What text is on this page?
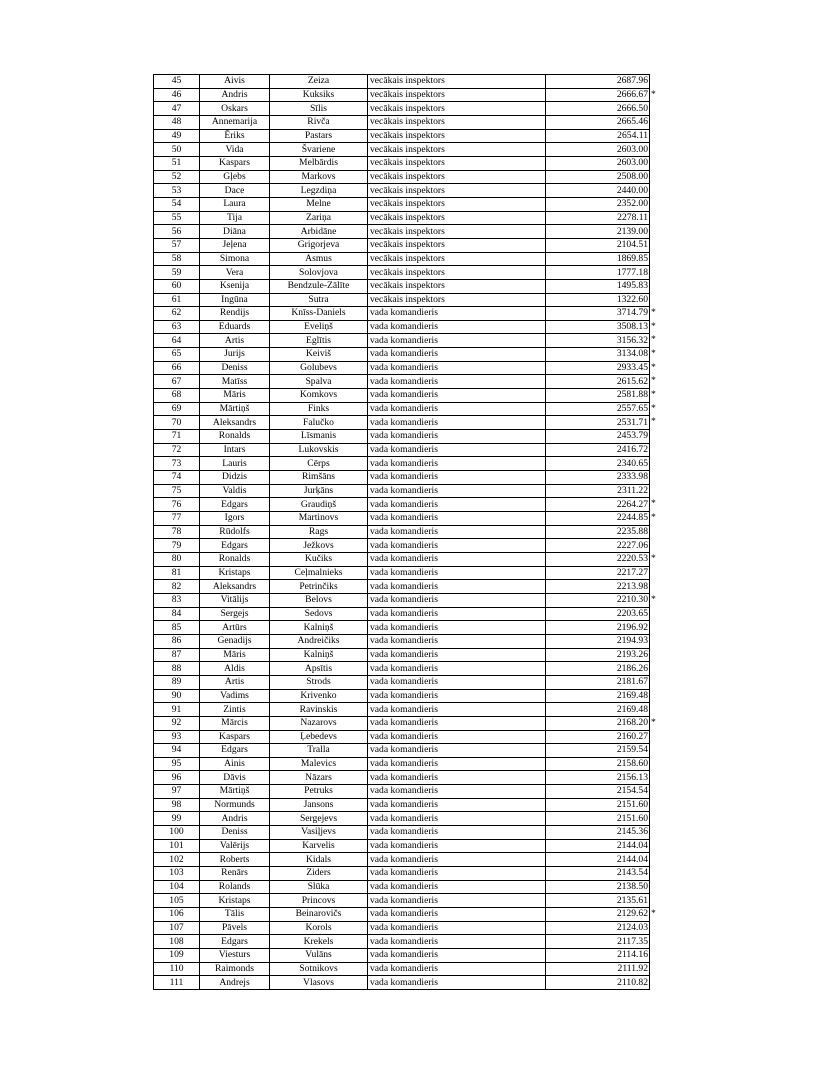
45	Aivis	Zeiza	vecākais inspektors	2687.96

46	Andris	Kuksiks	vecākais inspektors	2666.67 *

47	Oskars	Sīlis	vecākais inspektors	2666.50

48	Annemarija	Rivča	vecākais inspektors	2665.46

49	Ēriks	Pastars	vecākais inspektors	2654.11

50	Vida	Švariene	vecākais inspektors	2603.00

51	Kaspars	Melbārdis	vecākais inspektors	2603.00

52	Gļebs	Markovs	vecākais inspektors	2508.00

53	Dace	Legzdiņa	vecākais inspektors	2440.00

54	Laura	Melne	vecākais inspektors	2352.00

55	Tija	Zariņa	vecākais inspektors	2278.11

56	Diāna	Arbidāne	vecākais inspektors	2139.00

57	Jeļena	Grigorjeva	vecākais inspektors	2104.51

58	Simona	Asmus	vecākais inspektors	1869.85

59	Vera	Solovjova	vecākais inspektors	1777.18

60	Ksenija	Bendzule-Zālīte	vecākais inspektors	1495.83

61	Ingūna	Sutra	vecākais inspektors	1322.60

62	Rendijs	Knīss-Daniels	vada komandieris	3714.79 *

63	Eduards	Eveliņš	vada komandieris	3508.13 *

64	Artis	Eglītis	vada komandieris	3156.32 *

65	Jurijs	Keiviš	vada komandieris	3134.08 *

66	Deniss	Golubevs	vada komandieris	2933.45 *

67	Matīss	Spalva	vada komandieris	2615.62 *

68	Māris	Komkovs	vada komandieris	2581.88 *

69	Mārtiņš	Finks	vada komandieris	2557.65 *

70	Aleksandrs	Falučko	vada komandieris	2531.71 *

71	Ronalds	Līsmanis	vada komandieris	2453.79

72	Intars	Lukovskis	vada komandieris	2416.72

73	Lauris	Cērps	vada komandieris	2340.65

74	Didzis	Rimšāns	vada komandieris	2333.98

75	Valdis	Jurķāns	vada komandieris	2311.22

76	Edgars	Graudiņš	vada komandieris	2264.27 *

77	Igors	Martinovs	vada komandieris	2244.85 *

78	Rūdolfs	Rags	vada komandieris	2235.88

79	Edgars	Ježkovs	vada komandieris	2227.06

80	Ronalds	Kučiks	vada komandieris	2220.53 *

81	Kristaps	Ceļmalnieks	vada komandieris	2217.27

82	Aleksandrs	Petrinčiks	vada komandieris	2213.98

83	Vitālijs	Belovs	vada komandieris	2210.30 *

84	Sergejs	Sedovs	vada komandieris	2203.65

85	Artūrs	Kalniņš	vada komandieris	2196.92

86	Genadijs	Andreičiks	vada komandieris	2194.93

87	Māris	Kalniņš	vada komandieris	2193.26

88	Aldis	Apsītis	vada komandieris	2186.26

89	Artis	Strods	vada komandieris	2181.67

90	Vadims	Krivenko	vada komandieris	2169.48

91	Zintis	Ravinskis	vada komandieris	2169.48

92	Mārcis	Nazarovs	vada komandieris	2168.20 *

93	Kaspars	Ļebedevs	vada komandieris	2160.27

94	Edgars	Tralla	vada komandieris	2159.54

95	Ainis	Malevics	vada komandieris	2158.60

96	Dāvis	Nāzars	vada komandieris	2156.13

97	Mārtiņš	Petruks	vada komandieris	2154.54

98	Normunds	Jansons	vada komandieris	2151.60

99	Andris	Sergejevs	vada komandieris	2151.60

100	Deniss	Vasiļjevs	vada komandieris	2145.36

101	Valērijs	Karvelis	vada komandieris	2144.04

102	Roberts	Kidals	vada komandieris	2144.04

103	Renārs	Ziders	vada komandieris	2143.54

104	Rolands	Slūka	vada komandieris	2138.50

105	Kristaps	Princovs	vada komandieris	2135.61

106	Tālis	Beinarovičs	vada komandieris	2129.62 *

107	Pāvels	Korols	vada komandieris	2124.03

108	Edgars	Krekels	vada komandieris	2117.35

109	Viesturs	Vulāns	vada komandieris	2114.16

110	Raimonds	Sotnikovs	vada komandieris	2111.92

111	Andrejs	Vlasovs	vada komandieris	2110.82
